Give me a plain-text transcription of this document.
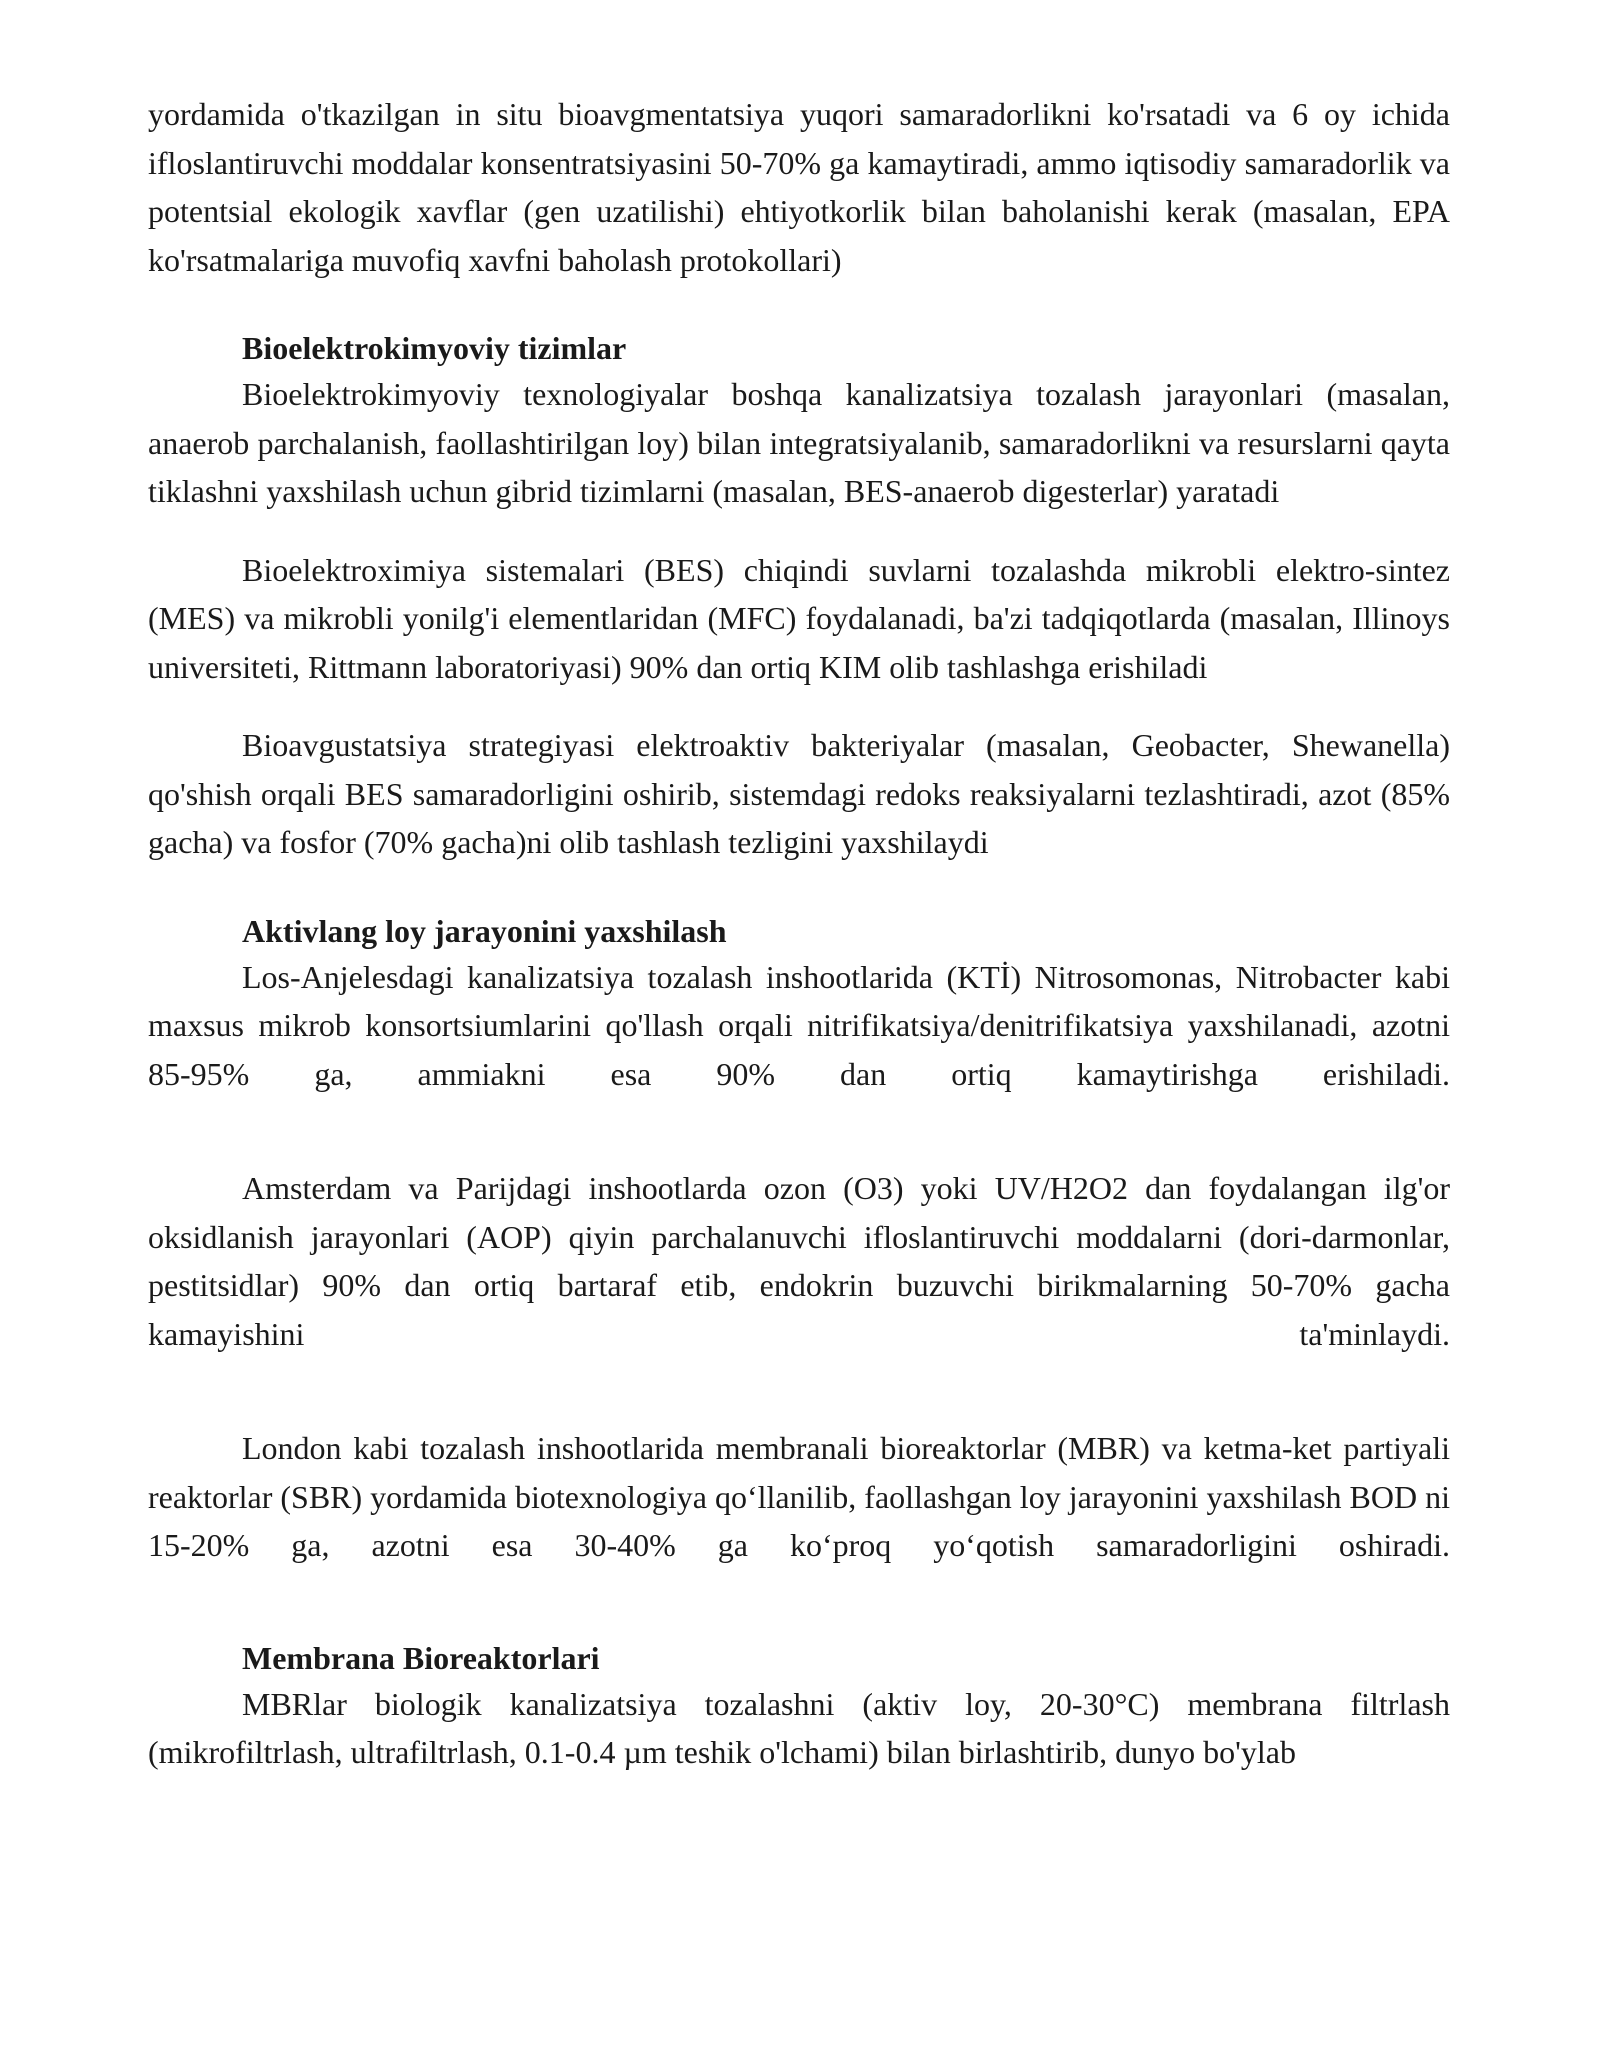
yordamida o'tkazilgan in situ bioavgmentatsiya yuqori samaradorlikni ko'rsatadi va 6 oy ichida ifloslantiruvchi moddalar konsentratsiyasini 50-70% ga kamaytiradi, ammo iqtisodiy samaradorlik va potentsial ekologik xavflar (gen uzatilishi) ehtiyotkorlik bilan baholanishi kerak (masalan, EPA ko'rsatmalariga muvofiq xavfni baholash protokollari)

Bioelektrokimyoviy tizimlar

Bioelektrokimyoviy texnologiyalar boshqa kanalizatsiya tozalash jarayonlari (masalan, anaerob parchalanish, faollashtirilgan loy) bilan integratsiyalanib, samaradorlikni va resurslarni qayta tiklashni yaxshilash uchun gibrid tizimlarni (masalan, BES-anaerob digesterlar) yaratadi

Bioelektroximiya sistemalari (BES) chiqindi suvlarni tozalashda mikrobli elektro-sintez (MES) va mikrobli yonilg'i elementlaridan (MFC) foydalanadi, ba'zi tadqiqotlarda (masalan, Illinoys universiteti, Rittmann laboratoriyasi) 90% dan ortiq KIM olib tashlashga erishiladi

Bioavgustatsiya strategiyasi elektroaktiv bakteriyalar (masalan, Geobacter, Shewanella) qo'shish orqali BES samaradorligini oshirib, sistemdagi redoks reaksiyalarni tezlashtiradi, azot (85% gacha) va fosfor (70% gacha)ni olib tashlash tezligini yaxshilaydi

Aktivlang loy jarayonini yaxshilash

Los-Anjelesdagi kanalizatsiya tozalash inshootlarida (KTİ) Nitrosomonas, Nitrobacter kabi maxsus mikrob konsortsiumlarini qo'llash orqali nitrifikatsiya/denitrifikatsiya yaxshilanadi, azotni 85-95% ga, ammiakni esa 90% dan ortiq kamaytirishga erishiladi.

Amsterdam va Parijdagi inshootlarda ozon (O3) yoki UV/H2O2 dan foydalangan ilg'or oksidlanish jarayonlari (AOP) qiyin parchalanuvchi ifloslantiruvchi moddalarni (dori-darmonlar, pestitsidlar) 90% dan ortiq bartaraf etib, endokrin buzuvchi birikmalarning 50-70% gacha kamayishini ta'minlaydi.

London kabi tozalash inshootlarida membranali bioreaktorlar (MBR) va ketma-ket partiyali reaktorlar (SBR) yordamida biotexnologiya qo‘llanilib, faollashgan loy jarayonini yaxshilash BOD ni 15-20% ga, azotni esa 30-40% ga ko‘proq yo‘qotish samaradorligini oshiradi.

Membrana Bioreaktorlari

MBRlar biologik kanalizatsiya tozalashni (aktiv loy, 20-30°C) membrana filtrlash (mikrofiltrlash, ultrafiltrlash, 0.1-0.4 µm teshik o'lchami) bilan birlashtirib, dunyo bo'ylab
